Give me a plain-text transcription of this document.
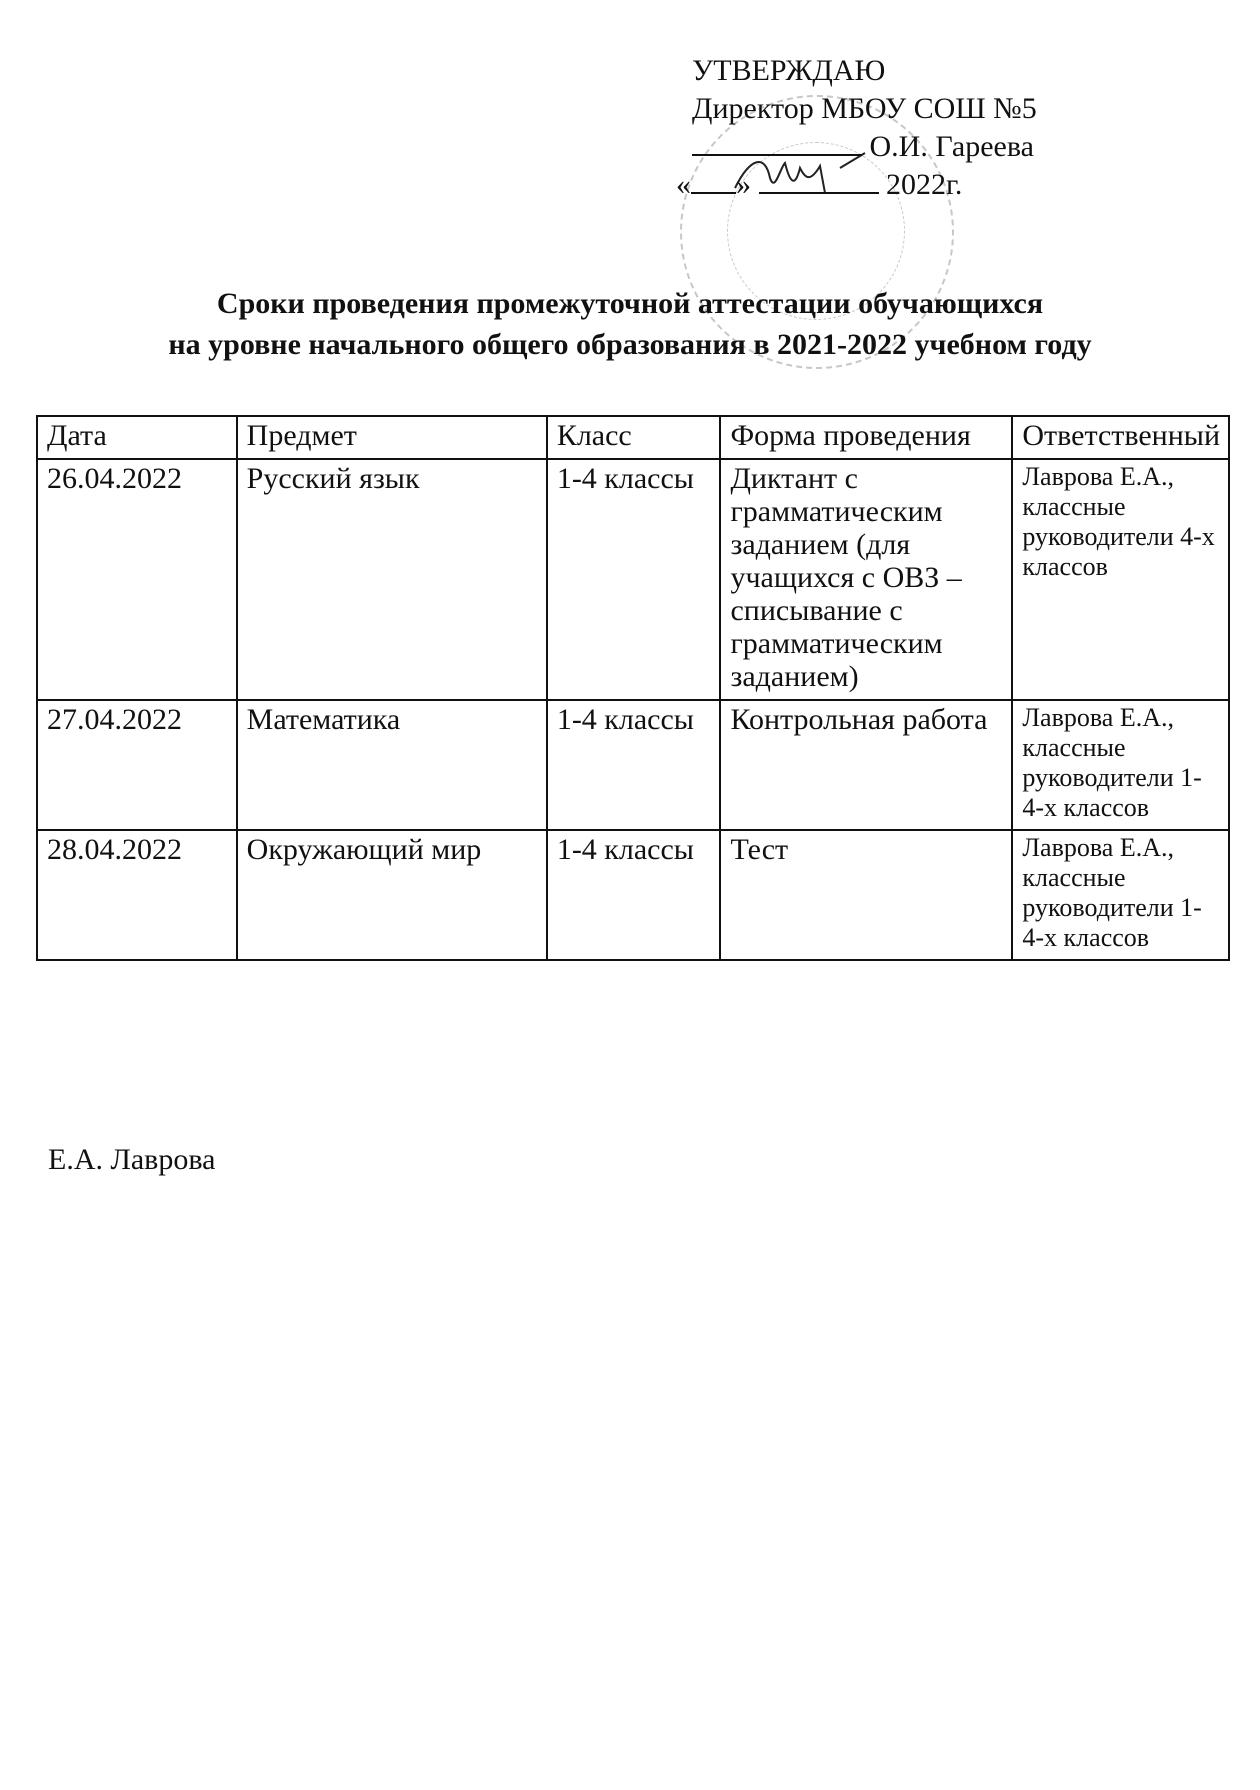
УТВЕРЖДАЮ
Директор МБОУ СОШ №5
О.И. Гареева
« »	2022г.
Сроки проведения промежуточной аттестации обучающихся
на уровне начального общего образования в 2021-2022 учебном году
Дата	Предмет	Класс	Форма проведения	Ответственный
26.04.2022	Русский язык	1-4 классы	Диктант с грамматическим заданием (для учащихся с ОВЗ – списывание с грамматическим заданием)	Лаврова Е.А., классные руководители 4-х классов
27.04.2022	Математика	1-4 классы	Контрольная работа	Лаврова Е.А., классные руководители 1-4-х классов
28.04.2022	Окружающий мир	1-4 классы	Тест	Лаврова Е.А., классные руководители 1-4-х классов
Е.А. Лаврова
